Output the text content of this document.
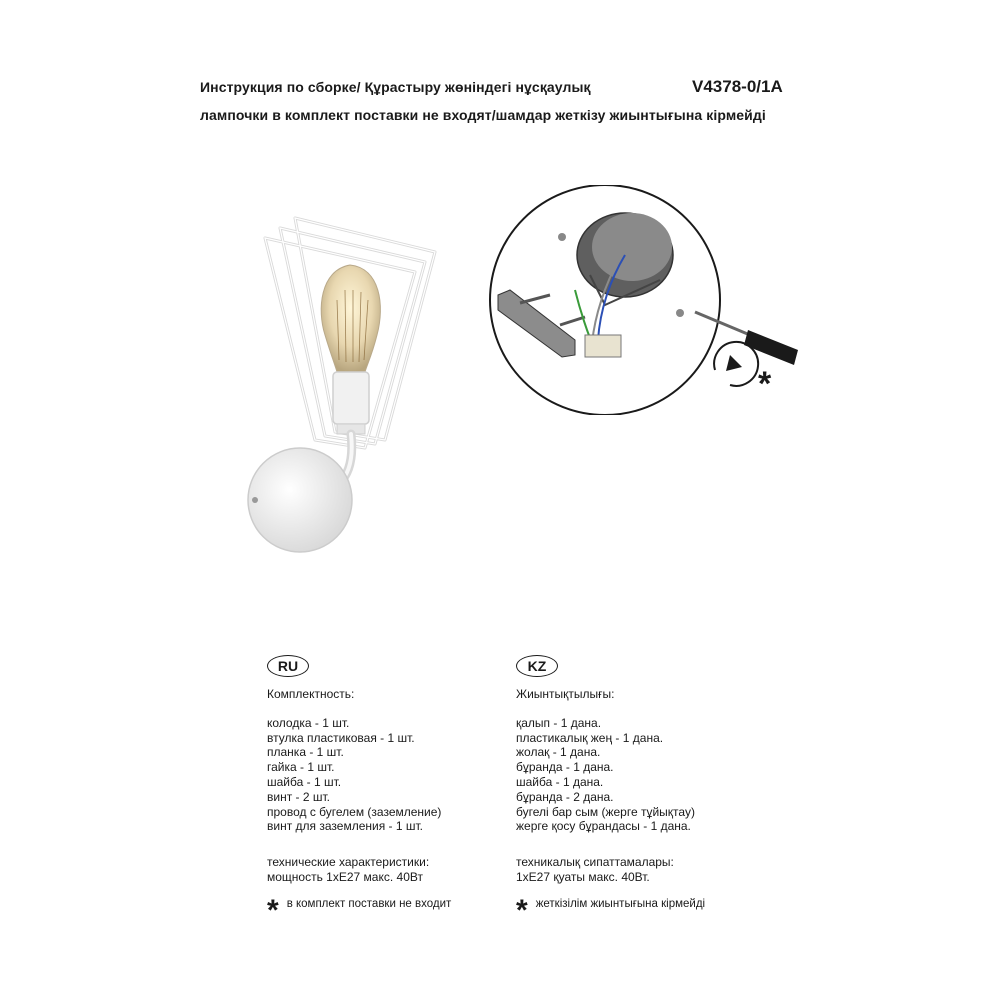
Инструкция по сборке/ Құрастыру жөніндегі нұсқаулық
лампочки в комплект поставки не входят/шамдар жеткізу жиынтығына кірмейді
V4378-0/1A
*
RU
Комплектность:
колодка - 1 шт.
втулка пластиковая - 1 шт.
планка - 1 шт.
гайка - 1 шт.
шайба - 1 шт.
винт - 2 шт.
провод с бугелем (заземление)
винт для заземления - 1 шт.
технические характеристики:
мощность 1хЕ27 макс. 40Вт
* в комплект поставки не входит
KZ
Жиынтықтылығы:
қалып - 1 дана.
пластикалық жең - 1 дана.
жолақ - 1 дана.
бұранда - 1 дана.
шайба - 1 дана.
бұранда - 2 дана.
бугелі бар сым (жерге тұйықтау)
жерге қосу бұрандасы - 1 дана.
техникалық сипаттамалары:
1хЕ27 қуаты макс. 40Вт.
* жеткізілім жиынтығына кірмейді
